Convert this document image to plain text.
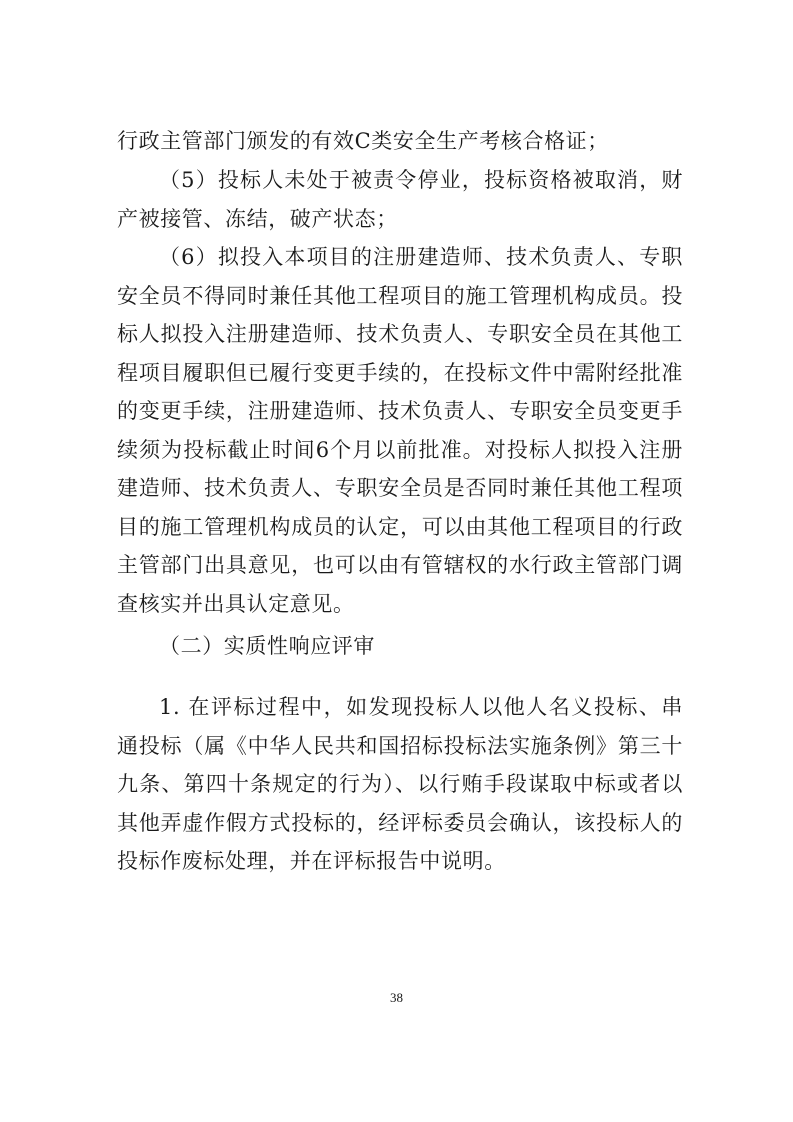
行政主管部门颁发的有效C类安全生产考核合格证；

（5）投标人未处于被责令停业，投标资格被取消，财产被接管、冻结，破产状态；

（6）拟投入本项目的注册建造师、技术负责人、专职安全员不得同时兼任其他工程项目的施工管理机构成员。投标人拟投入注册建造师、技术负责人、专职安全员在其他工程项目履职但已履行变更手续的，在投标文件中需附经批准的变更手续，注册建造师、技术负责人、专职安全员变更手续须为投标截止时间6个月以前批准。对投标人拟投入注册建造师、技术负责人、专职安全员是否同时兼任其他工程项目的施工管理机构成员的认定，可以由其他工程项目的行政主管部门出具意见，也可以由有管辖权的水行政主管部门调查核实并出具认定意见。

（二）实质性响应评审

1. 在评标过程中，如发现投标人以他人名义投标、串通投标（属《中华人民共和国招标投标法实施条例》第三十九条、第四十条规定的行为）、以行贿手段谋取中标或者以其他弄虚作假方式投标的，经评标委员会确认，该投标人的投标作废标处理，并在评标报告中说明。

38
